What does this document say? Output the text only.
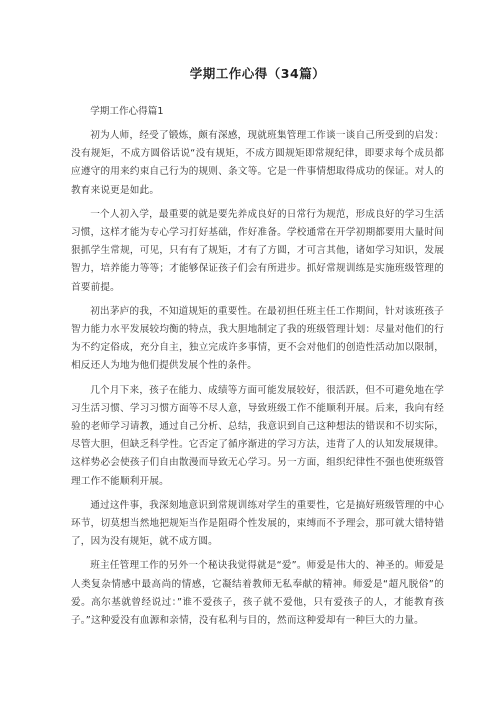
学期工作心得（34篇）
学期工作心得篇1

初为人师，经受了锻炼，颇有深感，现就班集管理工作谈一谈自己所受到的启发：没有规矩，不成方圆俗话说“没有规矩，不成方圆规矩即常规纪律，即要求每个成员都应遵守的用来约束自己行为的规则、条文等。它是一件事情想取得成功的保证。对人的教育来说更是如此。

一个人初入学，最重要的就是要先养成良好的日常行为规范，形成良好的学习生活习惯，这样才能为专心学习打好基础，作好准备。学校通常在开学初期都要用大量时间狠抓学生常规，可见，只有有了规矩，才有了方圆，才可言其他，诸如学习知识，发展智力，培养能力等等；才能够保证孩子们会有所进步。抓好常规训练是实施班级管理的首要前提。

初出茅庐的我，不知道规矩的重要性。在最初担任班主任工作期间，针对该班孩子智力能力水平发展较均衡的特点，我大胆地制定了我的班级管理计划：尽量对他们的行为不约定俗成，充分自主，独立完成许多事情，更不会对他们的创造性活动加以限制，相反还人为地为他们提供发展个性的条件。

几个月下来，孩子在能力、成绩等方面可能发展较好，很活跃，但不可避免地在学习生活习惯、学习习惯方面等不尽人意，导致班级工作不能顺利开展。后来，我向有经验的老师学习请教，通过自己分析、总结，我意识到自己这种想法的错误和不切实际，尽管大胆，但缺乏科学性。它否定了循序渐进的学习方法，违背了人的认知发展规律。这样势必会使孩子们自由散漫而导致无心学习。另一方面，组织纪律性不强也使班级管理工作不能顺利开展。

通过这件事，我深刻地意识到常规训练对学生的重要性，它是搞好班级管理的中心环节，切莫想当然地把规矩当作是阻碍个性发展的，束缚而不予理会，那可就大错特错了，因为没有规矩，就不成方圆。

班主任管理工作的另外一个秘诀我觉得就是“爱”。师爱是伟大的、神圣的。师爱是人类复杂情感中最高尚的情感，它凝结着教师无私奉献的精神。师爱是“超凡脱俗”的爱。高尔基就曾经说过：”谁不爱孩子，孩子就不爱他，只有爱孩子的人，才能教育孩子。”这种爱没有血源和亲情，没有私利与目的，然而这种爱却有一种巨大的力量。
